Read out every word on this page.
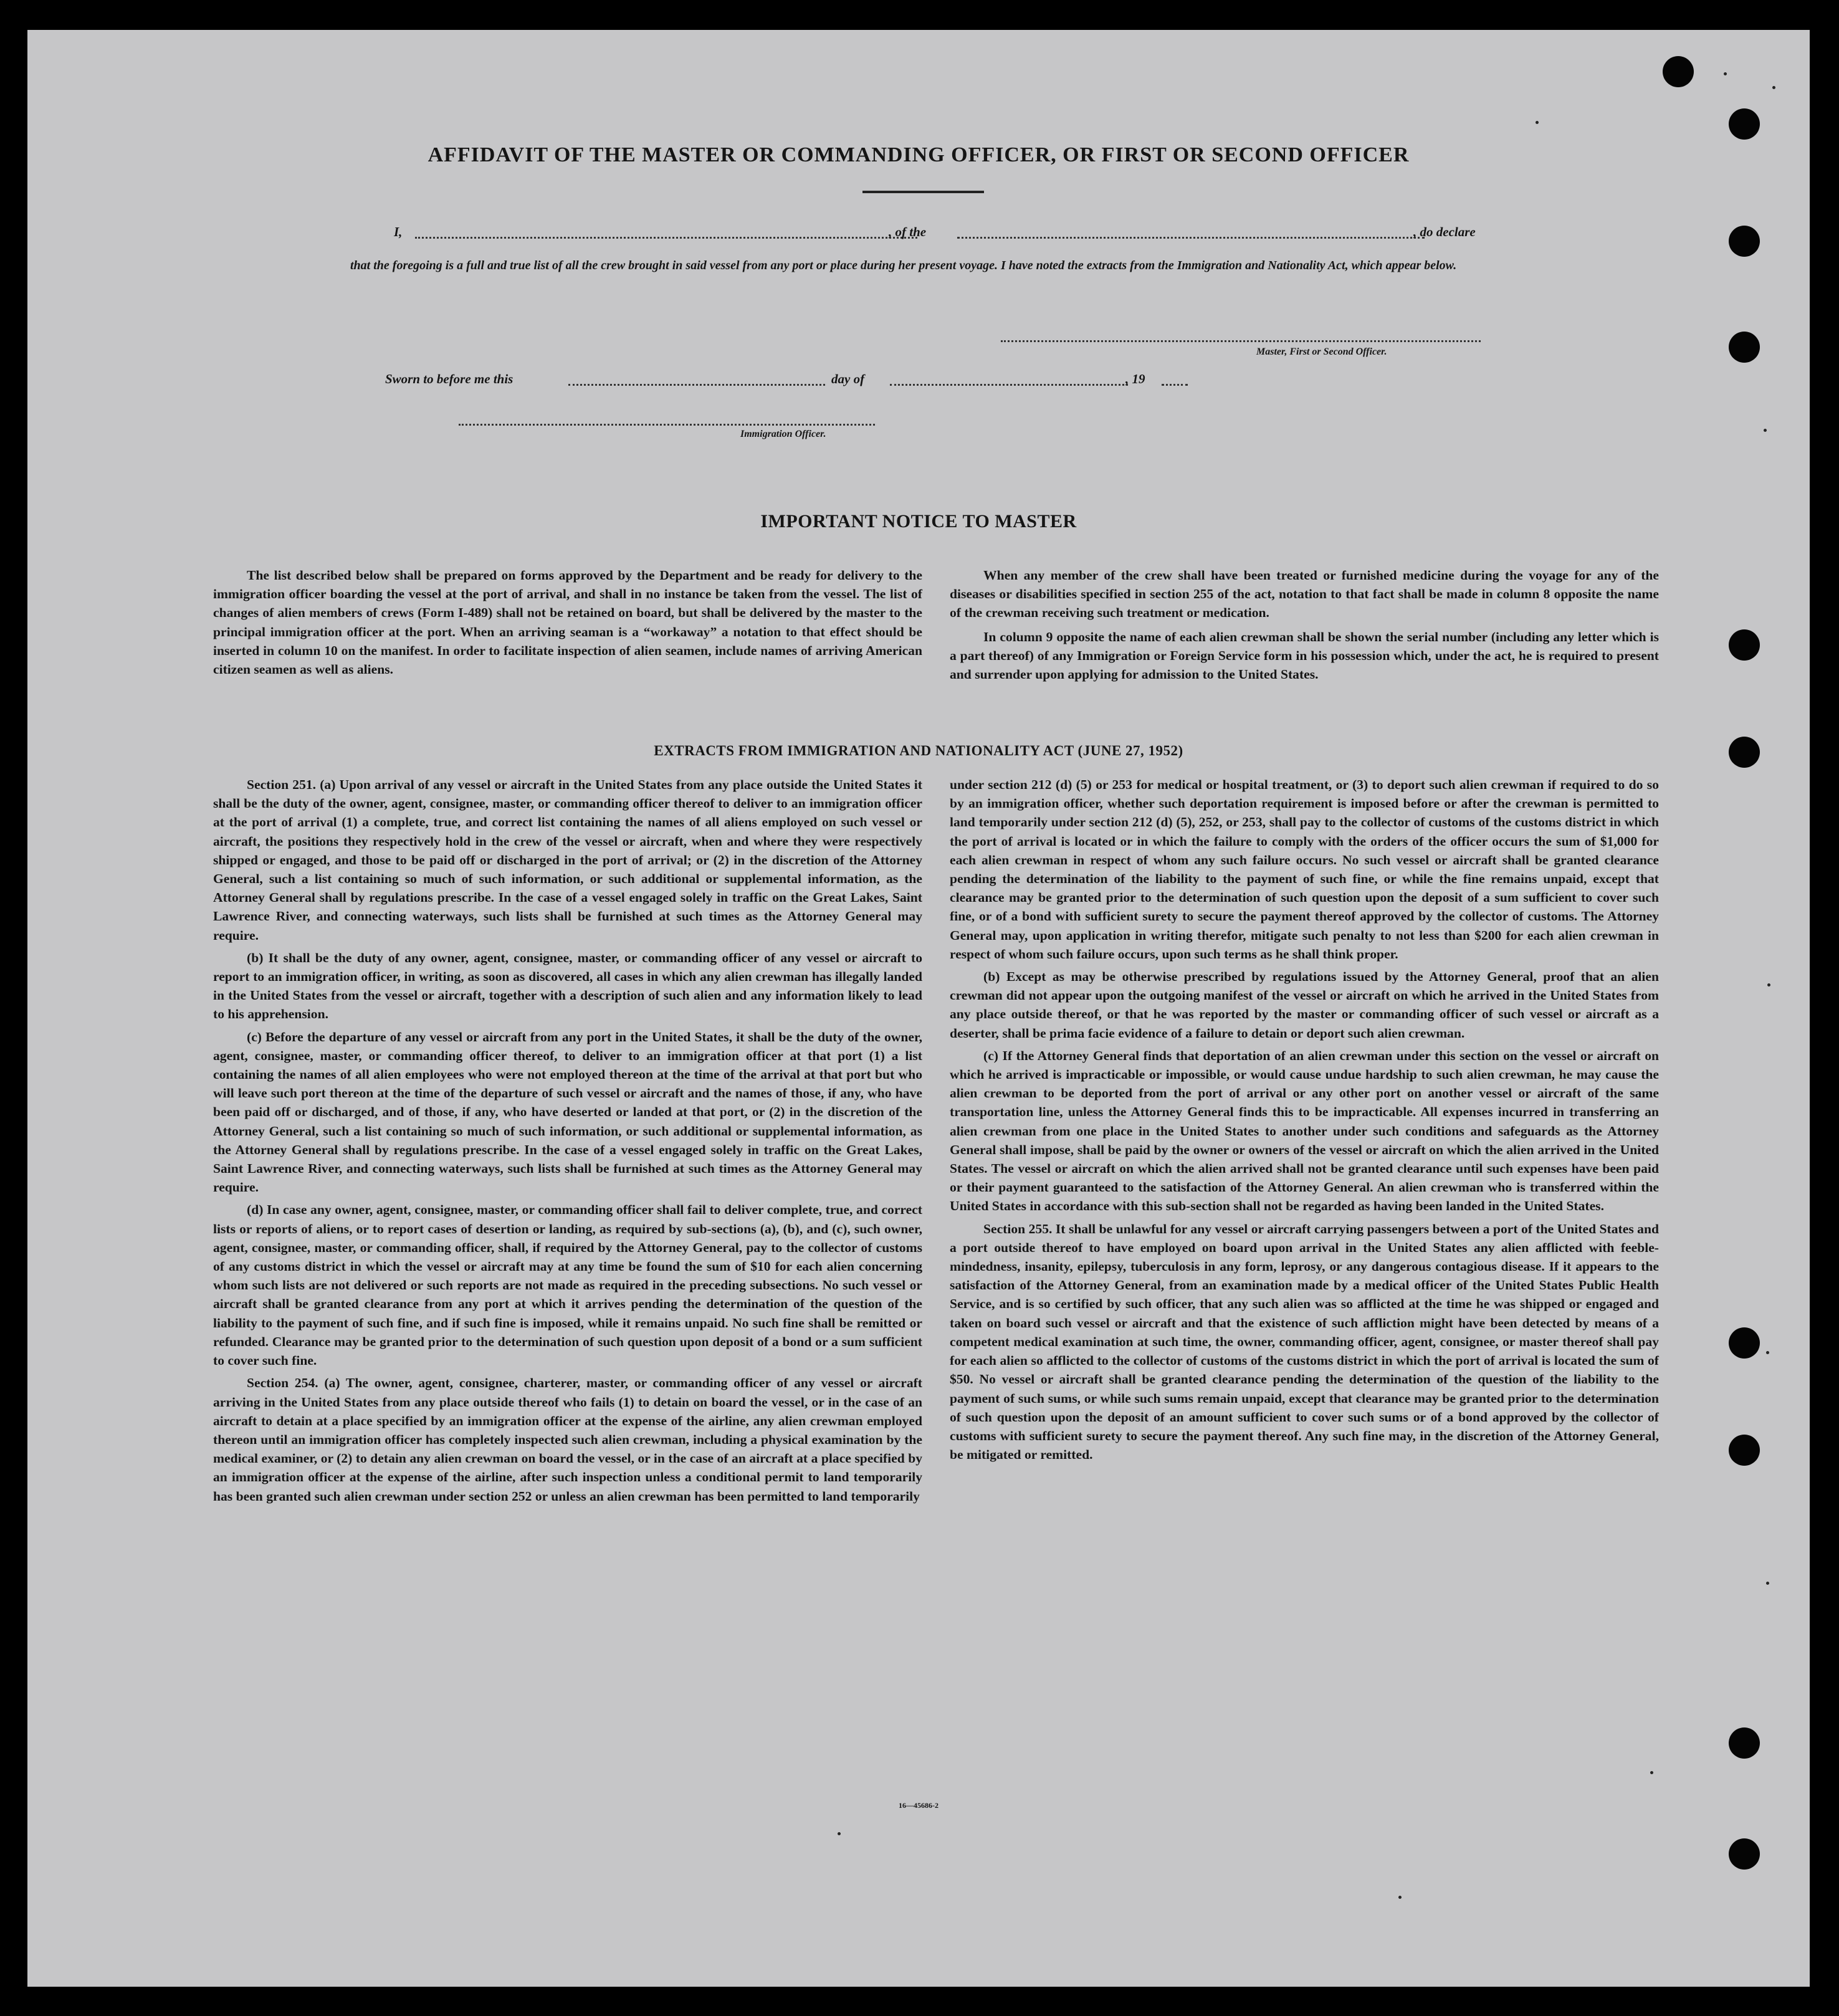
AFFIDAVIT OF THE MASTER OR COMMANDING OFFICER, OR FIRST OR SECOND OFFICER
I,	, of the	, do declare
that the foregoing is a full and true list of all the crew brought in said vessel from any port or place during her present voyage. I have noted the extracts from the Immigration and Nationality Act, which appear below.
Master, First or Second Officer.
Sworn to before me this	day of	, 19
Immigration Officer.
IMPORTANT NOTICE TO MASTER

The list described below shall be prepared on forms approved by the Department and be ready for delivery to the immigration officer boarding the vessel at the port of arrival, and shall in no instance be taken from the vessel. The list of changes of alien members of crews (Form I-489) shall not be retained on board, but shall be delivered by the master to the principal immigration officer at the port. When an arriving seaman is a “workaway” a notation to that effect should be inserted in column 10 on the manifest. In order to facilitate inspection of alien seamen, include names of arriving American citizen seamen as well as aliens.

When any member of the crew shall have been treated or furnished medicine during the voyage for any of the diseases or disabilities specified in section 255 of the act, notation to that fact shall be made in column 8 opposite the name of the crewman receiving such treatment or medication.

In column 9 opposite the name of each alien crewman shall be shown the serial number (including any letter which is a part thereof) of any Immigration or Foreign Service form in his possession which, under the act, he is required to present and surrender upon applying for admission to the United States.

EXTRACTS FROM IMMIGRATION AND NATIONALITY ACT (JUNE 27, 1952)

Section 251. (a) Upon arrival of any vessel or aircraft in the United States from any place outside the United States it shall be the duty of the owner, agent, consignee, master, or commanding officer thereof to deliver to an immigration officer at the port of arrival (1) a complete, true, and correct list containing the names of all aliens employed on such vessel or aircraft, the positions they respectively hold in the crew of the vessel or aircraft, when and where they were respectively shipped or engaged, and those to be paid off or discharged in the port of arrival; or (2) in the discretion of the Attorney General, such a list containing so much of such information, or such additional or supplemental information, as the Attorney General shall by regulations prescribe. In the case of a vessel engaged solely in traffic on the Great Lakes, Saint Lawrence River, and connecting waterways, such lists shall be furnished at such times as the Attorney General may require.

(b) It shall be the duty of any owner, agent, consignee, master, or commanding officer of any vessel or aircraft to report to an immigration officer, in writing, as soon as discovered, all cases in which any alien crewman has illegally landed in the United States from the vessel or aircraft, together with a description of such alien and any information likely to lead to his apprehension.

(c) Before the departure of any vessel or aircraft from any port in the United States, it shall be the duty of the owner, agent, consignee, master, or commanding officer thereof, to deliver to an immigration officer at that port (1) a list containing the names of all alien employees who were not employed thereon at the time of the arrival at that port but who will leave such port thereon at the time of the departure of such vessel or aircraft and the names of those, if any, who have been paid off or discharged, and of those, if any, who have deserted or landed at that port, or (2) in the discretion of the Attorney General, such a list containing so much of such information, or such additional or supplemental information, as the Attorney General shall by regulations prescribe. In the case of a vessel engaged solely in traffic on the Great Lakes, Saint Lawrence River, and connecting waterways, such lists shall be furnished at such times as the Attorney General may require.

(d) In case any owner, agent, consignee, master, or commanding officer shall fail to deliver complete, true, and correct lists or reports of aliens, or to report cases of desertion or landing, as required by sub-sections (a), (b), and (c), such owner, agent, consignee, master, or commanding officer, shall, if required by the Attorney General, pay to the collector of customs of any customs district in which the vessel or aircraft may at any time be found the sum of $10 for each alien concerning whom such lists are not delivered or such reports are not made as required in the preceding subsections. No such vessel or aircraft shall be granted clearance from any port at which it arrives pending the determination of the question of the liability to the payment of such fine, and if such fine is imposed, while it remains unpaid. No such fine shall be remitted or refunded. Clearance may be granted prior to the determination of such question upon deposit of a bond or a sum sufficient to cover such fine.

Section 254. (a) The owner, agent, consignee, charterer, master, or commanding officer of any vessel or aircraft arriving in the United States from any place outside thereof who fails (1) to detain on board the vessel, or in the case of an aircraft to detain at a place specified by an immigration officer at the expense of the airline, any alien crewman employed thereon until an immigration officer has completely inspected such alien crewman, including a physical examination by the medical examiner, or (2) to detain any alien crewman on board the vessel, or in the case of an aircraft at a place specified by an immigration officer at the expense of the airline, after such inspection unless a conditional permit to land temporarily has been granted such alien crewman under section 252 or unless an alien crewman has been permitted to land temporarily

under section 212 (d) (5) or 253 for medical or hospital treatment, or (3) to deport such alien crewman if required to do so by an immigration officer, whether such deportation requirement is imposed before or after the crewman is permitted to land temporarily under section 212 (d) (5), 252, or 253, shall pay to the collector of customs of the customs district in which the port of arrival is located or in which the failure to comply with the orders of the officer occurs the sum of $1,000 for each alien crewman in respect of whom any such failure occurs. No such vessel or aircraft shall be granted clearance pending the determination of the liability to the payment of such fine, or while the fine remains unpaid, except that clearance may be granted prior to the determination of such question upon the deposit of a sum sufficient to cover such fine, or of a bond with sufficient surety to secure the payment thereof approved by the collector of customs. The Attorney General may, upon application in writing therefor, mitigate such penalty to not less than $200 for each alien crewman in respect of whom such failure occurs, upon such terms as he shall think proper.

(b) Except as may be otherwise prescribed by regulations issued by the Attorney General, proof that an alien crewman did not appear upon the outgoing manifest of the vessel or aircraft on which he arrived in the United States from any place outside thereof, or that he was reported by the master or commanding officer of such vessel or aircraft as a deserter, shall be prima facie evidence of a failure to detain or deport such alien crewman.

(c) If the Attorney General finds that deportation of an alien crewman under this section on the vessel or aircraft on which he arrived is impracticable or impossible, or would cause undue hardship to such alien crewman, he may cause the alien crewman to be deported from the port of arrival or any other port on another vessel or aircraft of the same transportation line, unless the Attorney General finds this to be impracticable. All expenses incurred in transferring an alien crewman from one place in the United States to another under such conditions and safeguards as the Attorney General shall impose, shall be paid by the owner or owners of the vessel or aircraft on which the alien arrived in the United States. The vessel or aircraft on which the alien arrived shall not be granted clearance until such expenses have been paid or their payment guaranteed to the satisfaction of the Attorney General. An alien crewman who is transferred within the United States in accordance with this sub-section shall not be regarded as having been landed in the United States.

Section 255. It shall be unlawful for any vessel or aircraft carrying passengers between a port of the United States and a port outside thereof to have employed on board upon arrival in the United States any alien afflicted with feeble-mindedness, insanity, epilepsy, tuberculosis in any form, leprosy, or any dangerous contagious disease. If it appears to the satisfaction of the Attorney General, from an examination made by a medical officer of the United States Public Health Service, and is so certified by such officer, that any such alien was so afflicted at the time he was shipped or engaged and taken on board such vessel or aircraft and that the existence of such affliction might have been detected by means of a competent medical examination at such time, the owner, commanding officer, agent, consignee, or master thereof shall pay for each alien so afflicted to the collector of customs of the customs district in which the port of arrival is located the sum of $50. No vessel or aircraft shall be granted clearance pending the determination of the question of the liability to the payment of such sums, or while such sums remain unpaid, except that clearance may be granted prior to the determination of such question upon the deposit of an amount sufficient to cover such sums or of a bond approved by the collector of customs with sufficient surety to secure the payment thereof. Any such fine may, in the discretion of the Attorney General, be mitigated or remitted.

16—45686-2
